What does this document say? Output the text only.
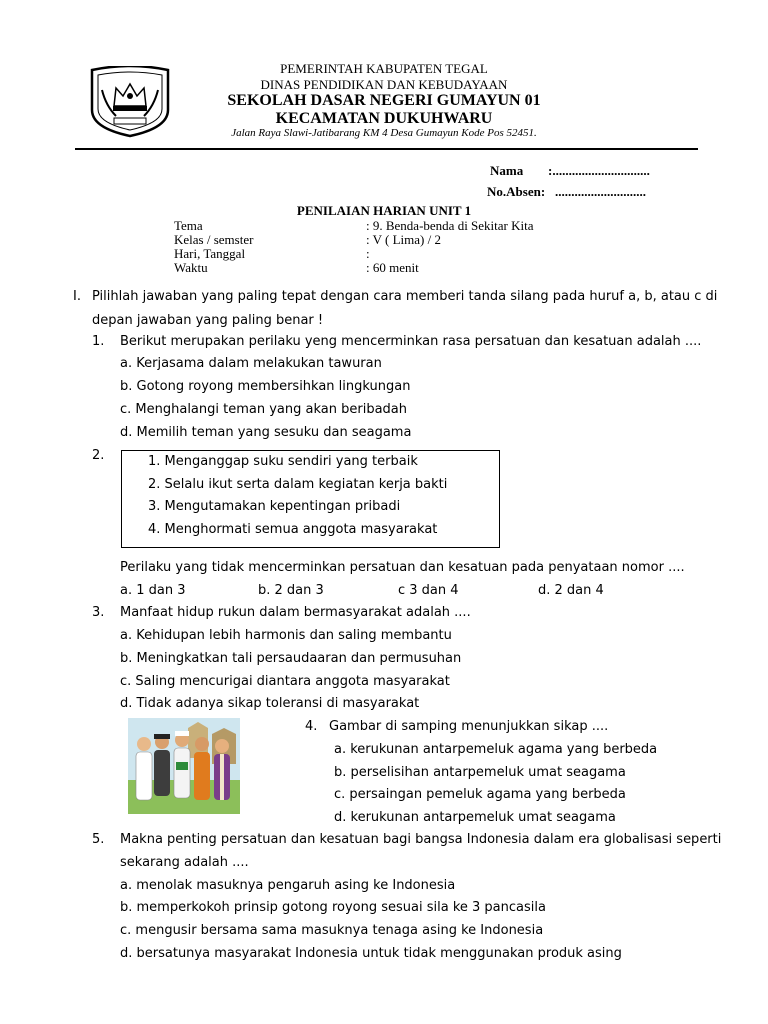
PEMERINTAH KABUPATEN TEGAL
DINAS PENDIDIKAN DAN KEBUDAYAAN
SEKOLAH DASAR NEGERI GUMAYUN 01
KECAMATAN DUKUHWARU
Jalan Raya Slawi-Jatibarang KM 4 Desa Gumayun Kode Pos 52451.
Nama :..............................
No.Absen: ............................
PENILAIAN HARIAN UNIT 1
Tema	: 9. Benda-benda di Sekitar Kita
Kelas / semster	: V ( Lima) / 2
Hari, Tanggal	:
Waktu	: 60 menit
I. Pilihlah jawaban yang paling tepat dengan cara memberi tanda silang pada huruf a, b, atau c di
depan jawaban yang paling benar !
1. Berikut merupakan perilaku yeng mencerminkan rasa persatuan dan kesatuan adalah ....
a. Kerjasama dalam melakukan tawuran
b. Gotong royong membersihkan lingkungan
c. Menghalangi teman yang akan beribadah
d. Memilih teman yang sesuku dan seagama
2.	1. Menganggap suku sendiri yang terbaik
2. Selalu ikut serta dalam kegiatan kerja bakti
3. Mengutamakan kepentingan pribadi
4. Menghormati semua anggota masyarakat
Perilaku yang tidak mencerminkan persatuan dan kesatuan pada penyataan nomor ....
a. 1 dan 3	b. 2 dan 3	c 3 dan 4	d. 2 dan 4
3. Manfaat hidup rukun dalam bermasyarakat adalah ....
a. Kehidupan lebih harmonis dan saling membantu
b. Meningkatkan tali persaudaaran dan permusuhan
c. Saling mencurigai diantara anggota masyarakat
d. Tidak adanya sikap toleransi di masyarakat
4. Gambar di samping menunjukkan sikap ....
a. kerukunan antarpemeluk agama yang berbeda
b. perselisihan antarpemeluk umat seagama
c. persaingan pemeluk agama yang berbeda
d. kerukunan antarpemeluk umat seagama
5. Makna penting persatuan dan kesatuan bagi bangsa Indonesia dalam era globalisasi seperti
sekarang adalah ....
a. menolak masuknya pengaruh asing ke Indonesia
b. memperkokoh prinsip gotong royong sesuai sila ke 3 pancasila
c. mengusir bersama sama masuknya tenaga asing ke Indonesia
d. bersatunya masyarakat Indonesia untuk tidak menggunakan produk asing
